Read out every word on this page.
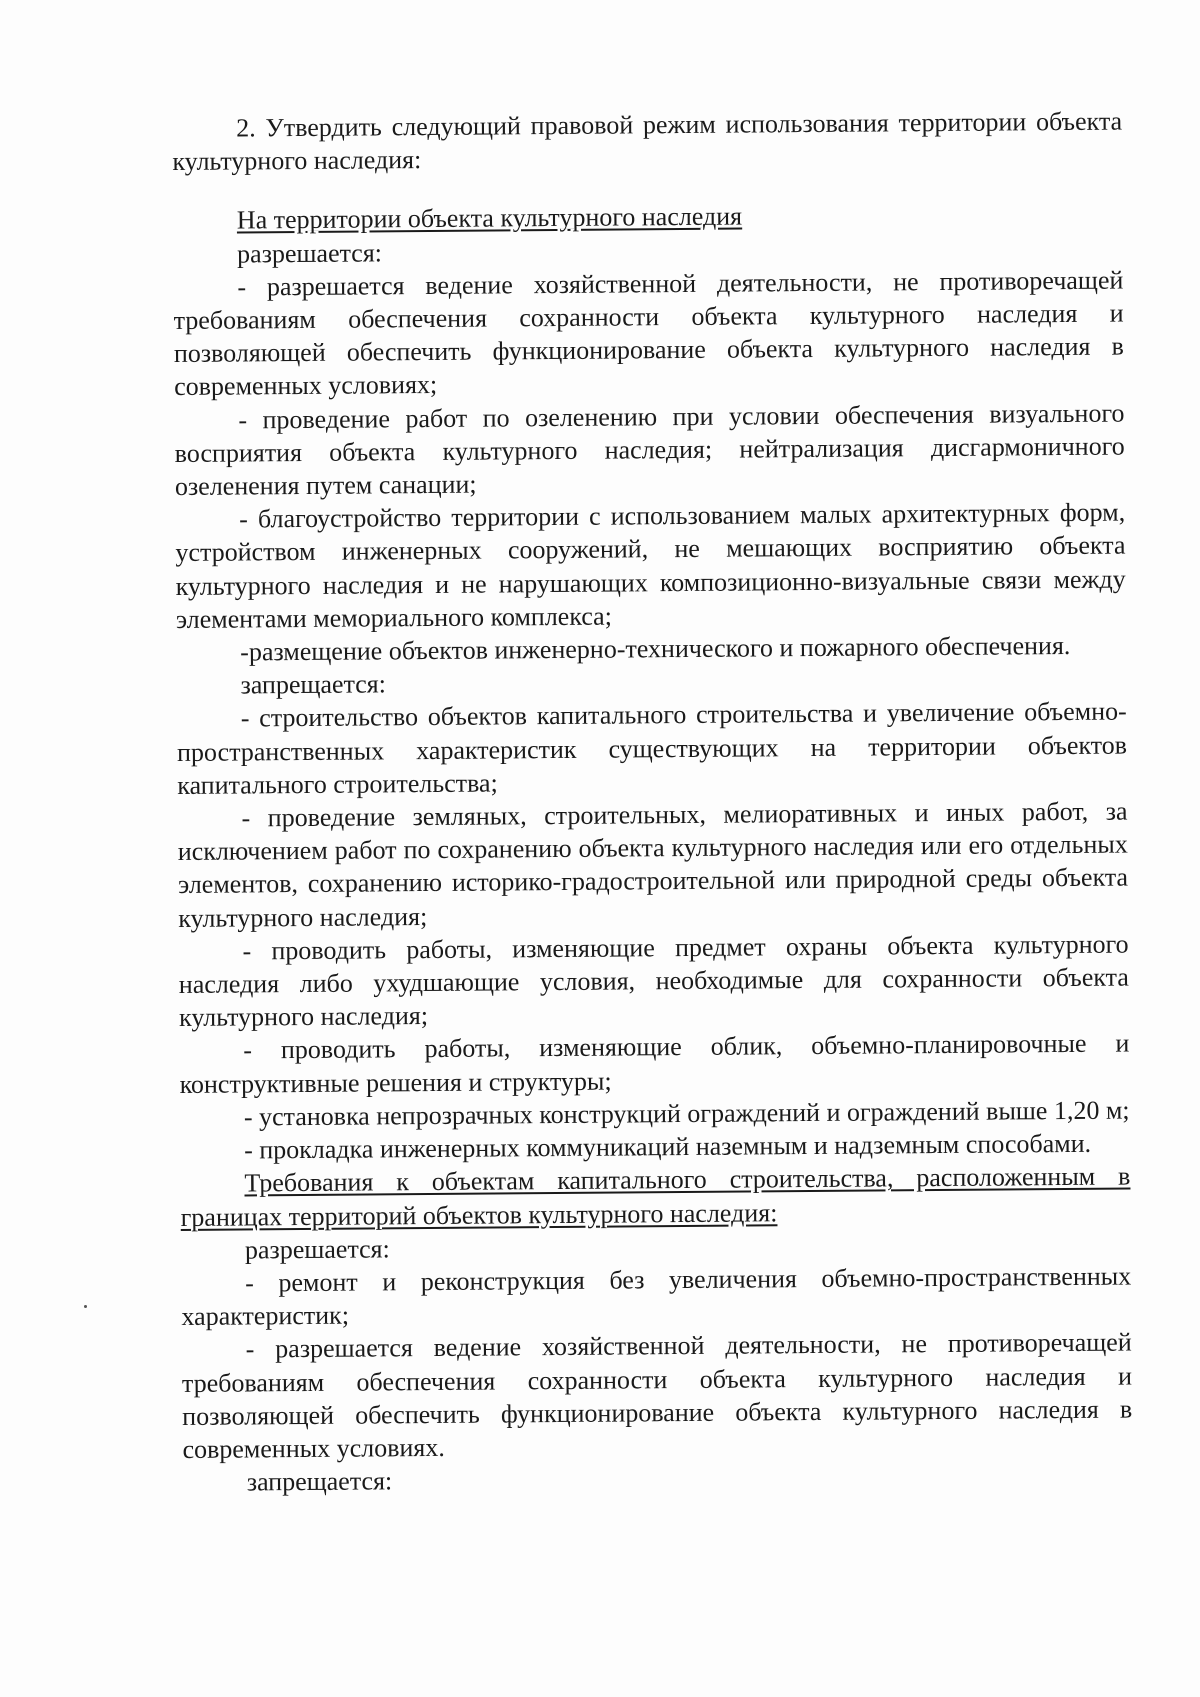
2. Утвердить следующий правовой режим использования территории объекта культурного наследия:

На территории объекта культурного наследия

разрешается:

- разрешается ведение хозяйственной деятельности, не противоречащей требованиям обеспечения сохранности объекта культурного наследия и позволяющей обеспечить функционирование объекта культурного наследия в современных условиях;

- проведение работ по озеленению при условии обеспечения визуального восприятия объекта культурного наследия; нейтрализация дисгармоничного озеленения путем санации;

- благоустройство территории с использованием малых архитектурных форм, устройством инженерных сооружений, не мешающих восприятию объекта культурного наследия и не нарушающих композиционно-визуальные связи между элементами мемориального комплекса;

-размещение объектов инженерно-технического и пожарного обеспечения.

запрещается:

- строительство объектов капитального строительства и увеличение объемно-пространственных характеристик существующих на территории объектов капитального строительства;

- проведение земляных, строительных, мелиоративных и иных работ, за исключением работ по сохранению объекта культурного наследия или его отдельных элементов, сохранению историко-градостроительной или природной среды объекта культурного наследия;

- проводить работы, изменяющие предмет охраны объекта культурного наследия либо ухудшающие условия, необходимые для сохранности объекта культурного наследия;

- проводить работы, изменяющие облик, объемно-планировочные и конструктивные решения и структуры;

- установка непрозрачных конструкций ограждений и ограждений выше 1,20 м;

- прокладка инженерных коммуникаций наземным и надземным способами.

Требования к объектам капитального строительства, расположенным в границах территорий объектов культурного наследия:

разрешается:

- ремонт и реконструкция без увеличения объемно-пространственных характеристик;

- разрешается ведение хозяйственной деятельности, не противоречащей требованиям обеспечения сохранности объекта культурного наследия и позволяющей обеспечить функционирование объекта культурного наследия в современных условиях.

запрещается:
